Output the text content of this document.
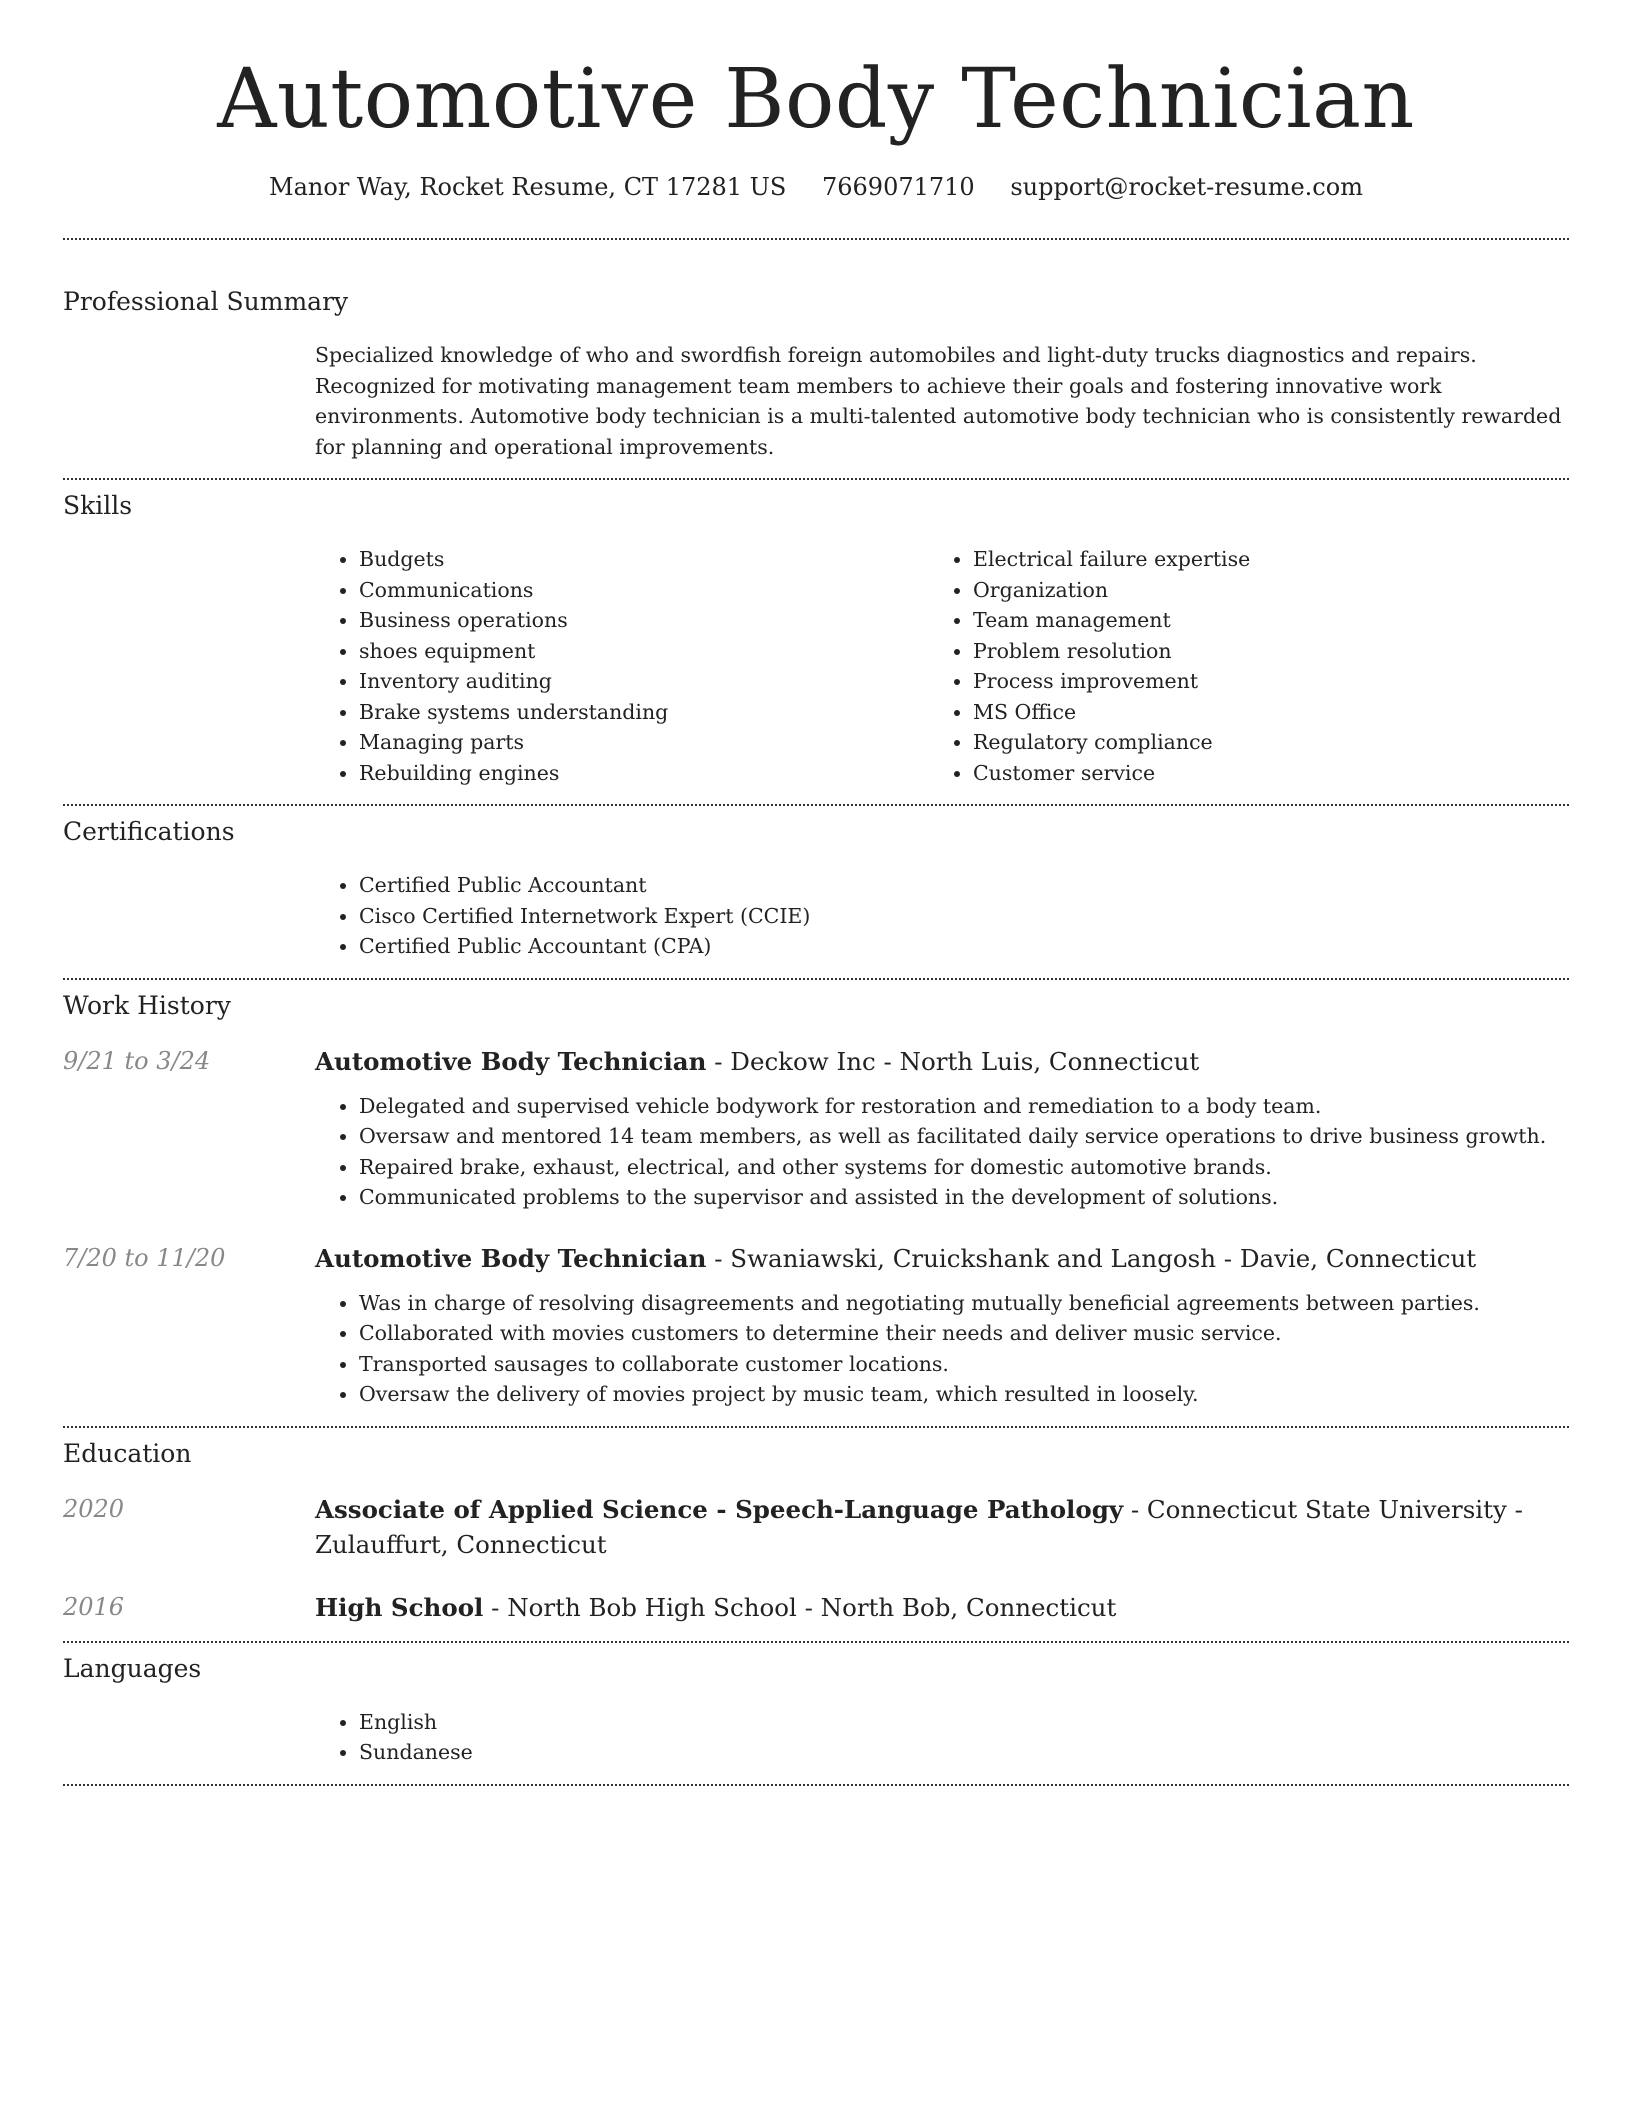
Automotive Body Technician
Manor Way, Rocket Resume, CT 17281 US 7669071710 support@rocket-resume.com
Professional Summary

Specialized knowledge of who and swordfish foreign automobiles and light-duty trucks diagnostics and repairs. Recognized for motivating management team members to achieve their goals and fostering innovative work environments. Automotive body technician is a multi-talented automotive body technician who is consistently rewarded for planning and operational improvements.

Skills
• Budgets
• Communications
• Business operations
• shoes equipment
• Inventory auditing
• Brake systems understanding
• Managing parts
• Rebuilding engines
• Electrical failure expertise
• Organization
• Team management
• Problem resolution
• Process improvement
• MS Office
• Regulatory compliance
• Customer service
Certifications
• Certified Public Accountant
• Cisco Certified Internetwork Expert (CCIE)
• Certified Public Accountant (CPA)
Work History
9/21 to 3/24	Automotive Body Technician - Deckow Inc - North Luis, Connecticut

• Delegated and supervised vehicle bodywork for restoration and remediation to a body team.
• Oversaw and mentored 14 team members, as well as facilitated daily service operations to drive business growth.
• Repaired brake, exhaust, electrical, and other systems for domestic automotive brands.
• Communicated problems to the supervisor and assisted in the development of solutions.
7/20 to 11/20	Automotive Body Technician - Swaniawski, Cruickshank and Langosh - Davie, Connecticut

• Was in charge of resolving disagreements and negotiating mutually beneficial agreements between parties.
• Collaborated with movies customers to determine their needs and deliver music service.
• Transported sausages to collaborate customer locations.
• Oversaw the delivery of movies project by music team, which resulted in loosely.
Education
2020	Associate of Applied Science - Speech-Language Pathology - Connecticut State University - Zulauffurt, Connecticut

2016	High School - North Bob High School - North Bob, Connecticut

Languages
• English
• Sundanese
